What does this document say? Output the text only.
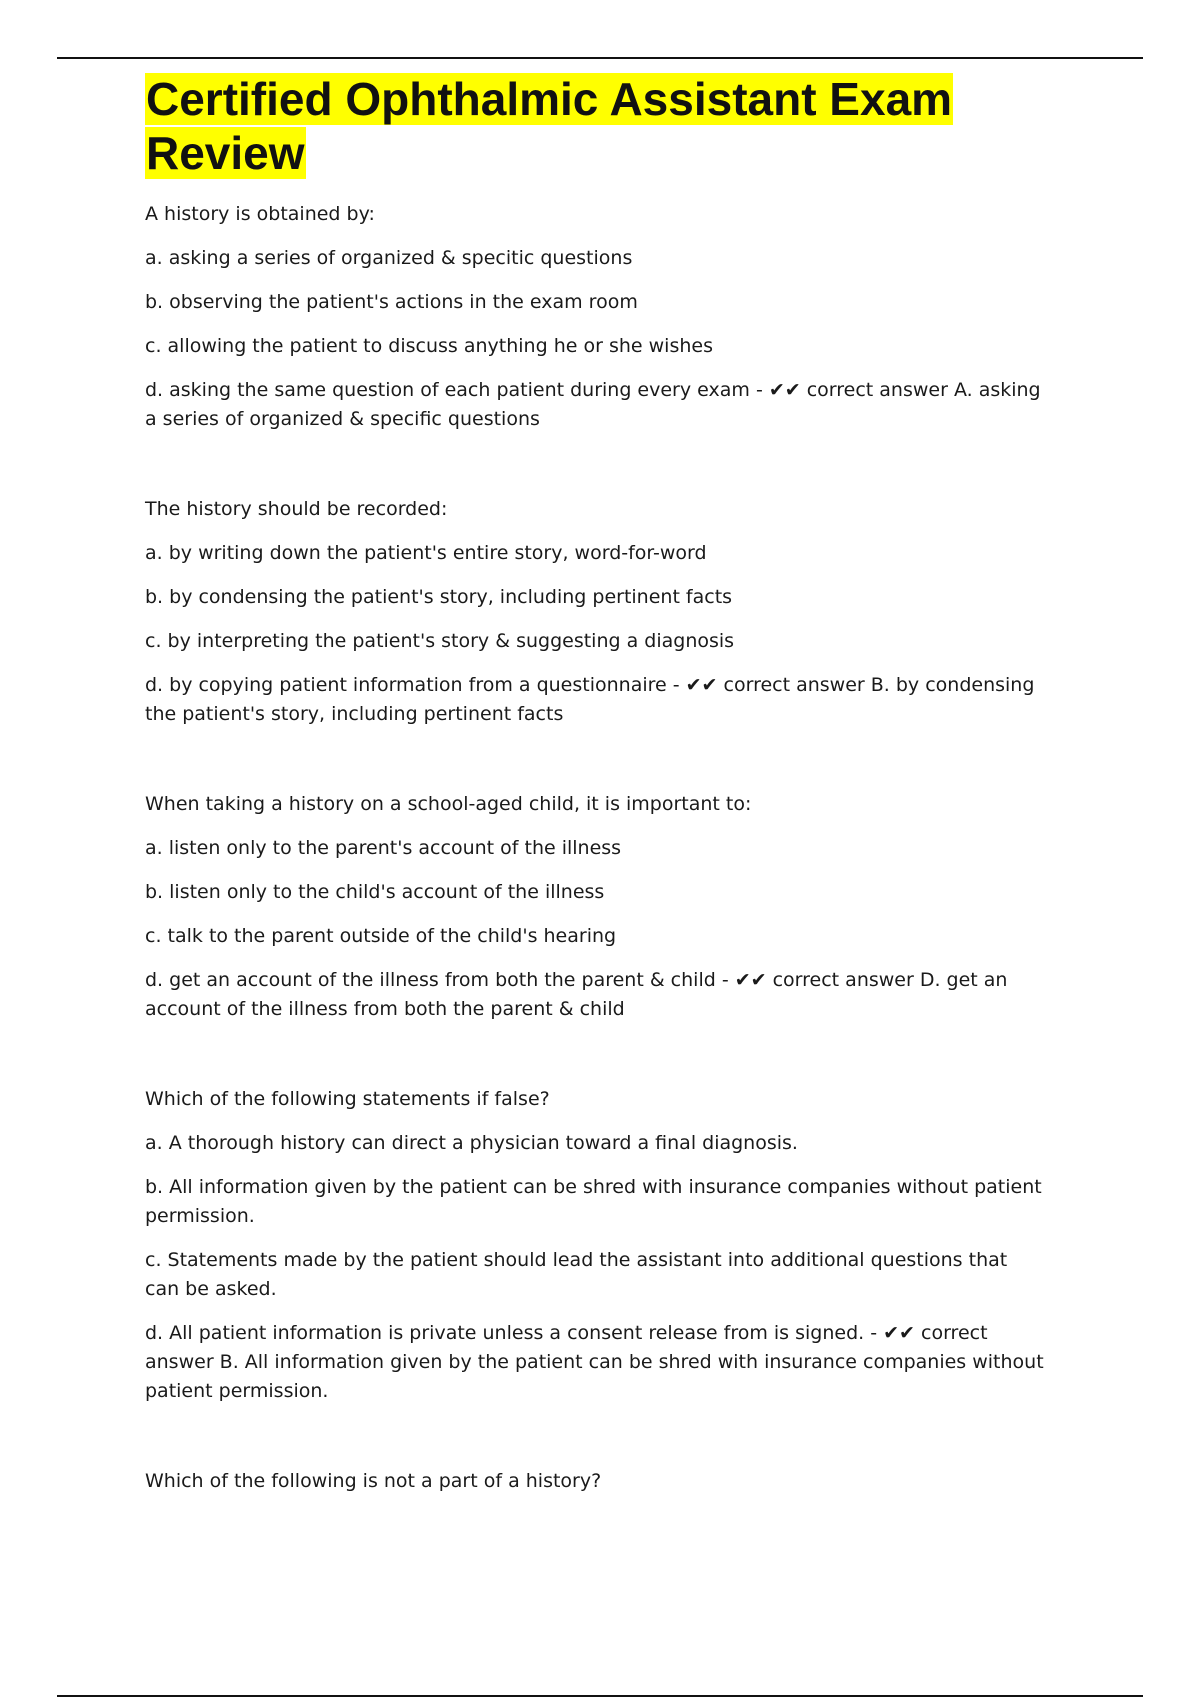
Certified Ophthalmic Assistant Exam Review

A history is obtained by:

a. asking a series of organized & specitic questions

b. observing the patient's actions in the exam room

c. allowing the patient to discuss anything he or she wishes

d. asking the same question of each patient during every exam - ✔✔ correct answer A. asking a series of organized & specific questions

The history should be recorded:

a. by writing down the patient's entire story, word-for-word

b. by condensing the patient's story, including pertinent facts

c. by interpreting the patient's story & suggesting a diagnosis

d. by copying patient information from a questionnaire - ✔✔ correct answer B. by condensing the patient's story, including pertinent facts

When taking a history on a school-aged child, it is important to:

a. listen only to the parent's account of the illness

b. listen only to the child's account of the illness

c. talk to the parent outside of the child's hearing

d. get an account of the illness from both the parent & child - ✔✔ correct answer D. get an account of the illness from both the parent & child

Which of the following statements if false?

a. A thorough history can direct a physician toward a final diagnosis.

b. All information given by the patient can be shred with insurance companies without patient permission.

c. Statements made by the patient should lead the assistant into additional questions that can be asked.

d. All patient information is private unless a consent release from is signed. - ✔✔ correct answer B. All information given by the patient can be shred with insurance companies without patient permission.

Which of the following is not a part of a history?
